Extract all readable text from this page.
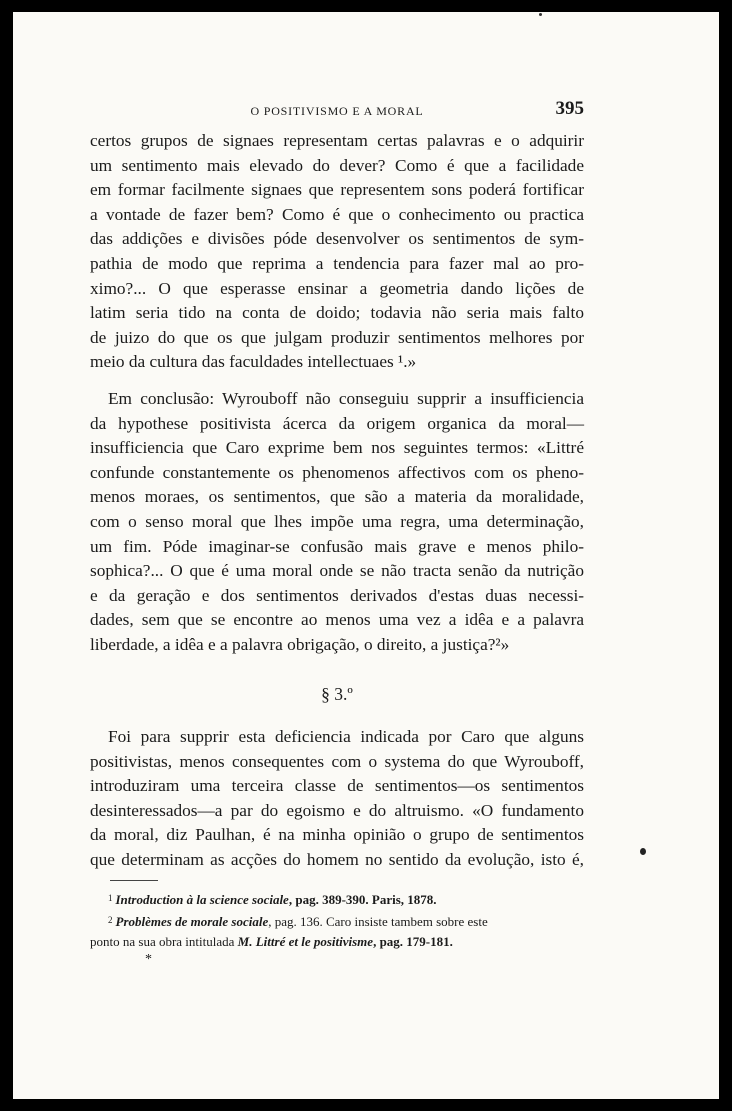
O POSITIVISMO E A MORAL	395

certos grupos de signaes representam certas palavras e o adquirir

um sentimento mais elevado do dever? Como é que a facilidade

em formar facilmente signaes que representem sons poderá fortificar

a vontade de fazer bem? Como é que o conhecimento ou practica

das addições e divisões póde desenvolver os sentimentos de sym-

pathia de modo que reprima a tendencia para fazer mal ao pro-

ximo?... O que esperasse ensinar a geometria dando lições de

latim seria tido na conta de doido; todavia não seria mais falto

de juizo do que os que julgam produzir sentimentos melhores por

meio da cultura das faculdades intellectuaes ¹.»

Em conclusão: Wyrouboff não conseguiu supprir a insufficiencia

da hypothese positivista ácerca da origem organica da moral—

insufficiencia que Caro exprime bem nos seguintes termos: «Littré

confunde constantemente os phenomenos affectivos com os pheno-

menos moraes, os sentimentos, que são a materia da moralidade,

com o senso moral que lhes impõe uma regra, uma determinação,

um fim. Póde imaginar-se confusão mais grave e menos philo-

sophica?... O que é uma moral onde se não tracta senão da nutrição

e da geração e dos sentimentos derivados d'estas duas necessi-

dades, sem que se encontre ao menos uma vez a idêa e a palavra

liberdade, a idêa e a palavra obrigação, o direito, a justiça?²»

§ 3.º

Foi para supprir esta deficiencia indicada por Caro que alguns

positivistas, menos consequentes com o systema do que Wyrouboff,

introduziram uma terceira classe de sentimentos—os sentimentos

desinteressados—a par do egoismo e do altruismo. «O fundamento

da moral, diz Paulhan, é na minha opinião o grupo de sentimentos

que determinam as acções do homem no sentido da evolução, isto é,

$^1$ Introduction à la science sociale, pag. 389-390. Paris, 1878.

$^2$ Problèmes de morale sociale, pag. 136. Caro insiste tambem sobre este

ponto na sua obra intitulada M. Littré et le positivisme, pag. 179-181.

*
